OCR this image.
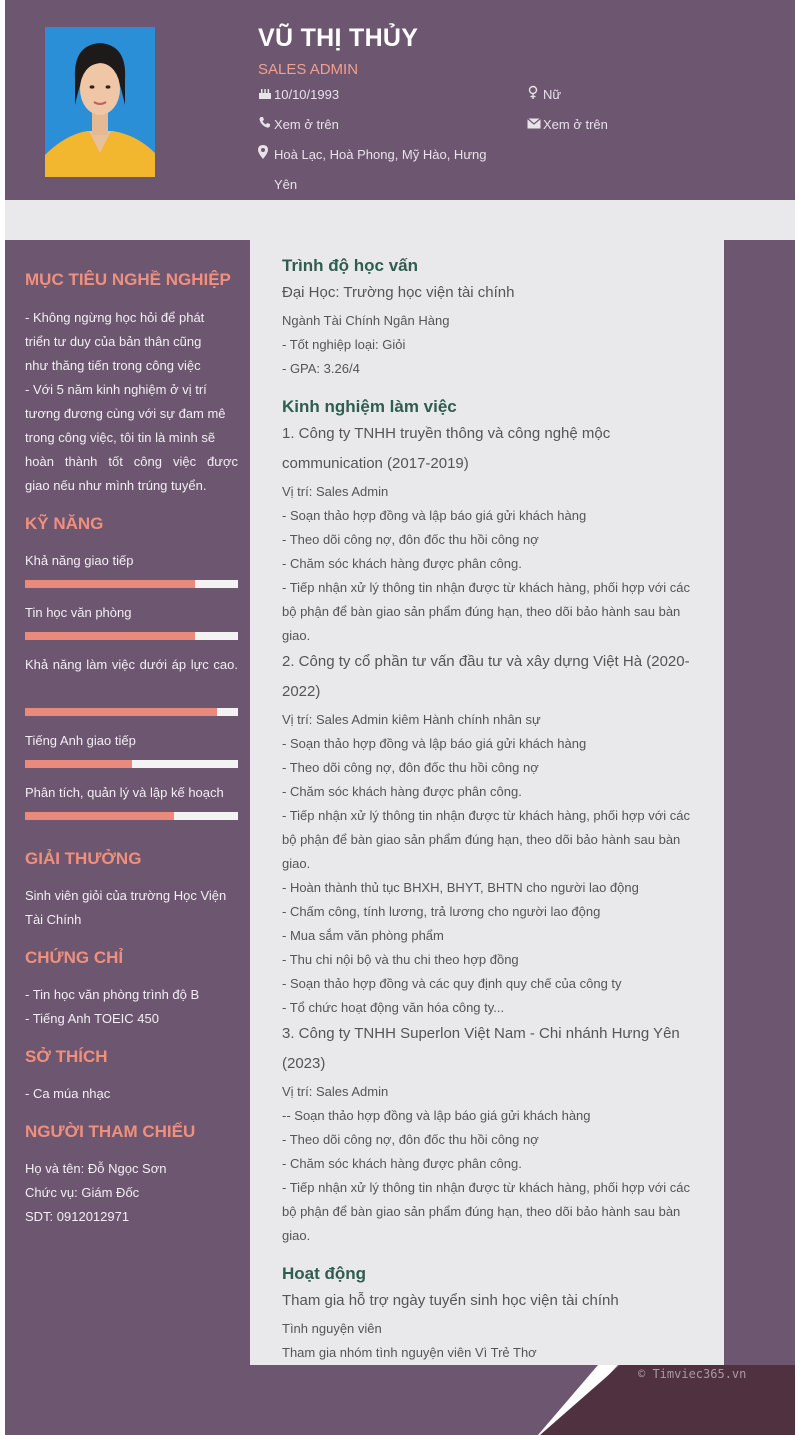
VŨ THỊ THỦY
SALES ADMIN
10/10/1993	Nữ
Xem ở trên	Xem ở trên
Hoà Lạc, Hoà Phong, Mỹ Hào, Hưng
Yên
MỤC TIÊU NGHỀ NGHIỆP
- Không ngừng học hỏi để phát
triển tư duy của bản thân cũng
như thăng tiến trong công việc
- Với 5 năm kinh nghiệm ở vị trí
tương đương cùng với sự đam mê
trong công việc, tôi tin là mình sẽ
hoàn thành tốt công việc được
giao nếu như mình trúng tuyển.
KỸ NĂNG
Khả năng giao tiếp
Tin học văn phòng
Khả năng làm việc dưới áp lực cao.
Tiếng Anh giao tiếp
Phân tích, quản lý và lập kế hoạch
GIẢI THƯỞNG
Sinh viên giỏi của trường Học Viện Tài Chính
CHỨNG CHỈ
- Tin học văn phòng trình độ B
- Tiếng Anh TOEIC 450
SỞ THÍCH
- Ca múa nhạc
NGƯỜI THAM CHIẾU
Họ và tên: Đỗ Ngọc Sơn
Chức vụ: Giám Đốc
SDT: 0912012971
Trình độ học vấn
Đại Học: Trường học viện tài chính
Ngành Tài Chính Ngân Hàng
- Tốt nghiệp loại: Giỏi
- GPA: 3.26/4
Kinh nghiệm làm việc
1. Công ty TNHH truyền thông và công nghệ mộc
communication (2017-2019)
Vị trí: Sales Admin
- Soạn thảo hợp đồng và lập báo giá gửi khách hàng
- Theo dõi công nợ, đôn đốc thu hồi công nợ
- Chăm sóc khách hàng được phân công.
- Tiếp nhận xử lý thông tin nhận được từ khách hàng, phối hợp với các
bộ phận để bàn giao sản phẩm đúng hạn, theo dõi bảo hành sau bàn
giao.
2. Công ty cổ phần tư vấn đầu tư và xây dựng Việt Hà (2020-
2022)
Vị trí: Sales Admin kiêm Hành chính nhân sự
- Soạn thảo hợp đồng và lập báo giá gửi khách hàng
- Theo dõi công nợ, đôn đốc thu hồi công nợ
- Chăm sóc khách hàng được phân công.
- Tiếp nhận xử lý thông tin nhận được từ khách hàng, phối hợp với các
bộ phận để bàn giao sản phẩm đúng hạn, theo dõi bảo hành sau bàn
giao.
- Hoàn thành thủ tục BHXH, BHYT, BHTN cho người lao động
- Chấm công, tính lương, trả lương cho người lao động
- Mua sắm văn phòng phẩm
- Thu chi nội bộ và thu chi theo hợp đồng
- Soạn thảo hợp đồng và các quy định quy chế của công ty
- Tổ chức hoạt động văn hóa công ty...
3. Công ty TNHH Superlon Việt Nam - Chi nhánh Hưng Yên
(2023)
Vị trí: Sales Admin
-- Soạn thảo hợp đồng và lập báo giá gửi khách hàng
- Theo dõi công nợ, đôn đốc thu hồi công nợ
- Chăm sóc khách hàng được phân công.
- Tiếp nhận xử lý thông tin nhận được từ khách hàng, phối hợp với các
bộ phận để bàn giao sản phẩm đúng hạn, theo dõi bảo hành sau bàn
giao.
Hoạt động
Tham gia hỗ trợ ngày tuyển sinh học viện tài chính
Tình nguyện viên
Tham gia nhóm tình nguyện viên Vì Trẻ Thơ
© Timviec365.vn
